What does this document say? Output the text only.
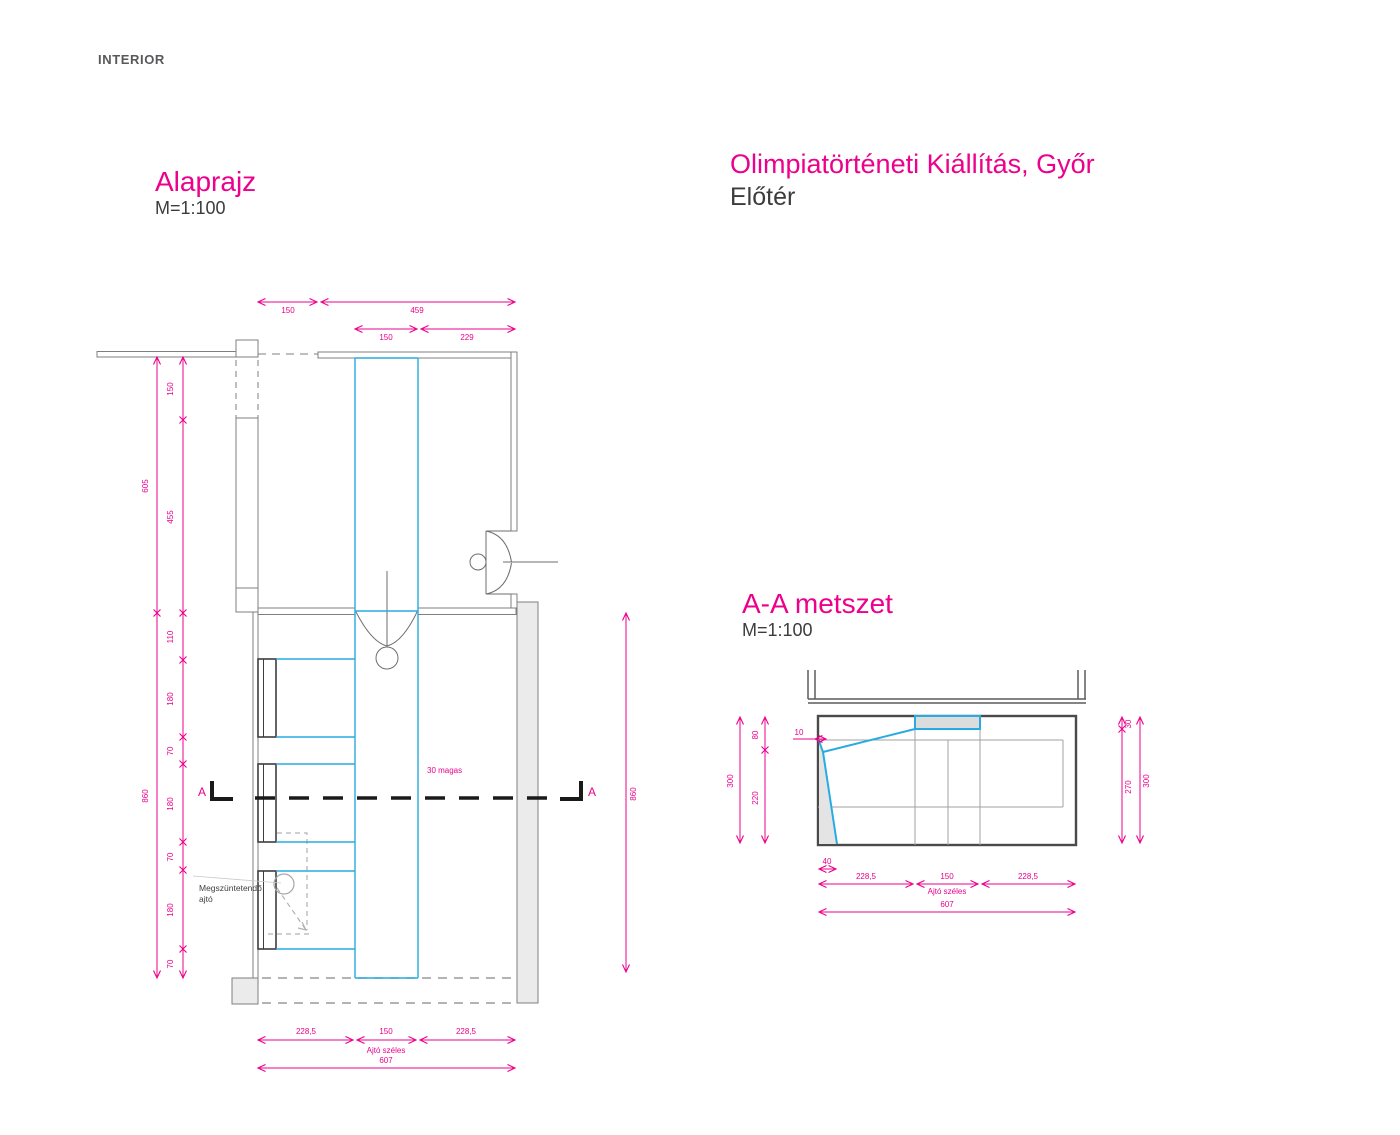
INTERIOR
Alaprajz
M=1:100
Olimpiatörténeti Kiállítás, Győr
Előtér
A-A metszet
M=1:100
150	459
150	229
605
860
150
455
110
180
70
180
70
180
70
860
30 magas
A	A
228,5	150	228,5
Ajtó széles
607
Megszüntetendő
ajtó
300
80
220
10
30
270 300
40
228,5	150	228,5
Ajtó széles
607
